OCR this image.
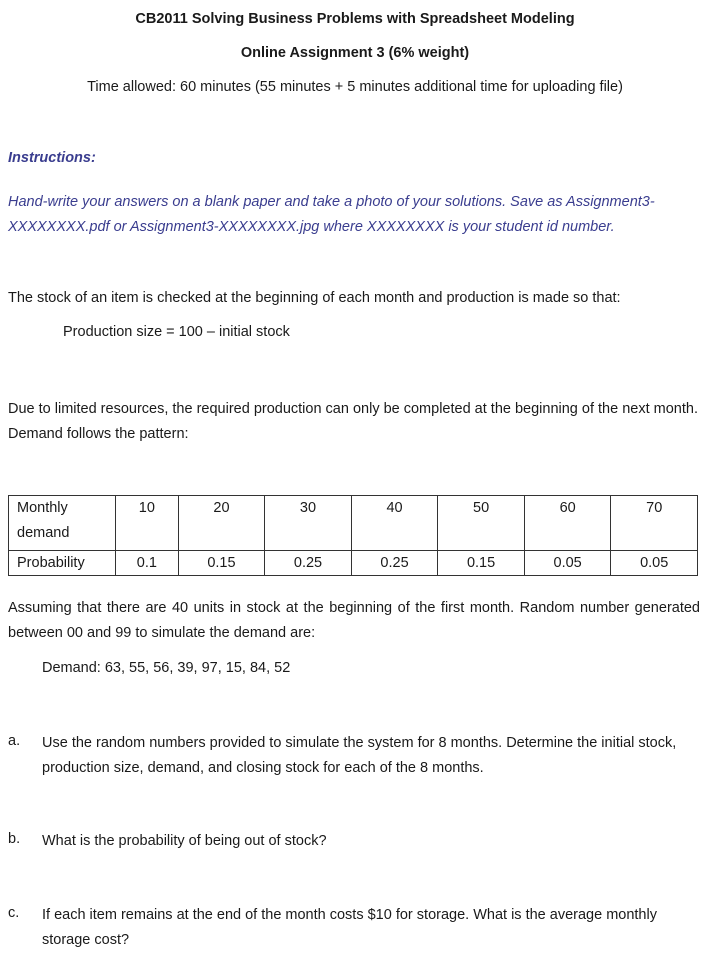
CB2011 Solving Business Problems with Spreadsheet Modeling
Online Assignment 3 (6% weight)
Time allowed: 60 minutes (55 minutes + 5 minutes additional time for uploading file)
Instructions:
Hand-write your answers on a blank paper and take a photo of your solutions. Save as Assignment3-XXXXXXXX.pdf or Assignment3-XXXXXXXX.jpg where XXXXXXXX is your student id number.
The stock of an item is checked at the beginning of each month and production is made so that:
Production size = 100 – initial stock
Due to limited resources, the required production can only be completed at the beginning of the next month. Demand follows the pattern:
Monthly demand	10	20	30	40	50	60	70
Probability	0.1	0.15	0.25	0.25	0.15	0.05	0.05
Assuming that there are 40 units in stock at the beginning of the first month. Random number generated between 00 and 99 to simulate the demand are:
Demand: 63, 55, 56, 39, 97, 15, 84, 52
a.	Use the random numbers provided to simulate the system for 8 months. Determine the initial stock, production size, demand, and closing stock for each of the 8 months.
b.	What is the probability of being out of stock?
c.	If each item remains at the end of the month costs $10 for storage. What is the average monthly storage cost?
